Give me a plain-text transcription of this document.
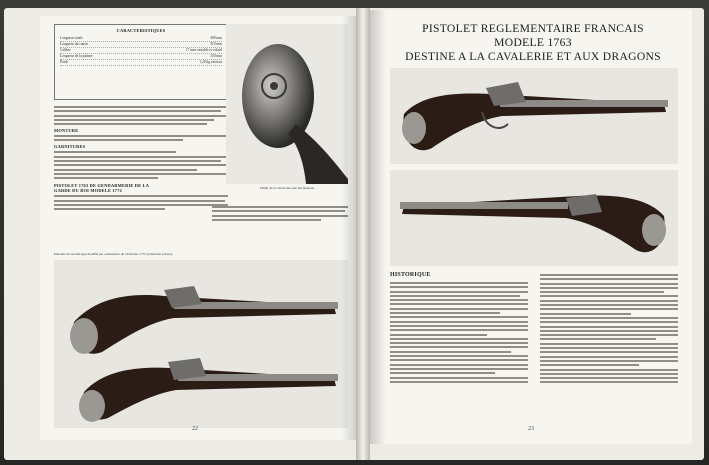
CARACTERISTIQUES
Longueur totale	490 mm
Longueur du canon	310 mm
Calibre	17 mm variable et volatil
Longueur de la platine	150 mm
Poids	1,20 kg environ
MONTURE
GARNITURES
PISTOLET 1763 DE GENDARMERIE DE LA GARDE DU ROI MODELE 1772
Détail de la calotte décorée des fleurons
Pistolets du second type modifié par ordonnance du 16 février 1772 (collection privée).
22
PISTOLET REGLEMENTAIRE FRANCAIS
MODELE 1763
DESTINE A LA CAVALERIE ET AUX DRAGONS
HISTORIQUE
23
